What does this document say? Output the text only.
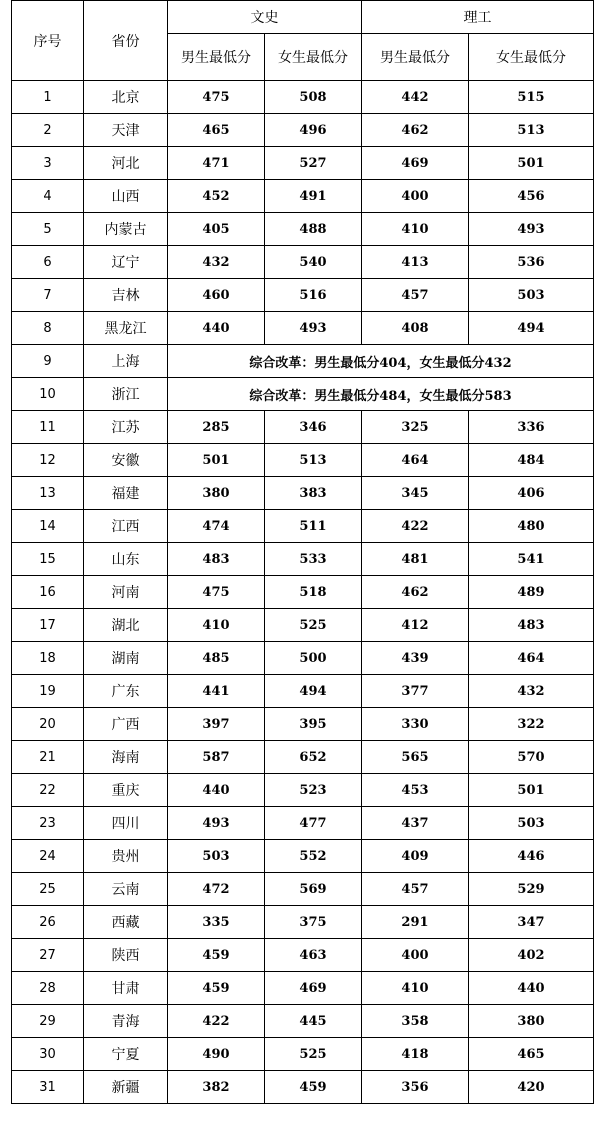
序号	省份	文史		理工	
		男生最低分	女生最低分	男生最低分	女生最低分
1	北京	475	508	442	515
2	天津	465	496	462	513
3	河北	471	527	469	501
4	山西	452	491	400	456
5	内蒙古	405	488	410	493
6	辽宁	432	540	413	536
7	吉林	460	516	457	503
8	黑龙江	440	493	408	494
9	上海	综合改革：男生最低分404，女生最低分432			
10	浙江	综合改革：男生最低分484，女生最低分583			
11	江苏	285	346	325	336
12	安徽	501	513	464	484
13	福建	380	383	345	406
14	江西	474	511	422	480
15	山东	483	533	481	541
16	河南	475	518	462	489
17	湖北	410	525	412	483
18	湖南	485	500	439	464
19	广东	441	494	377	432
20	广西	397	395	330	322
21	海南	587	652	565	570
22	重庆	440	523	453	501
23	四川	493	477	437	503
24	贵州	503	552	409	446
25	云南	472	569	457	529
26	西藏	335	375	291	347
27	陕西	459	463	400	402
28	甘肃	459	469	410	440
29	青海	422	445	358	380
30	宁夏	490	525	418	465
31	新疆	382	459	356	420
